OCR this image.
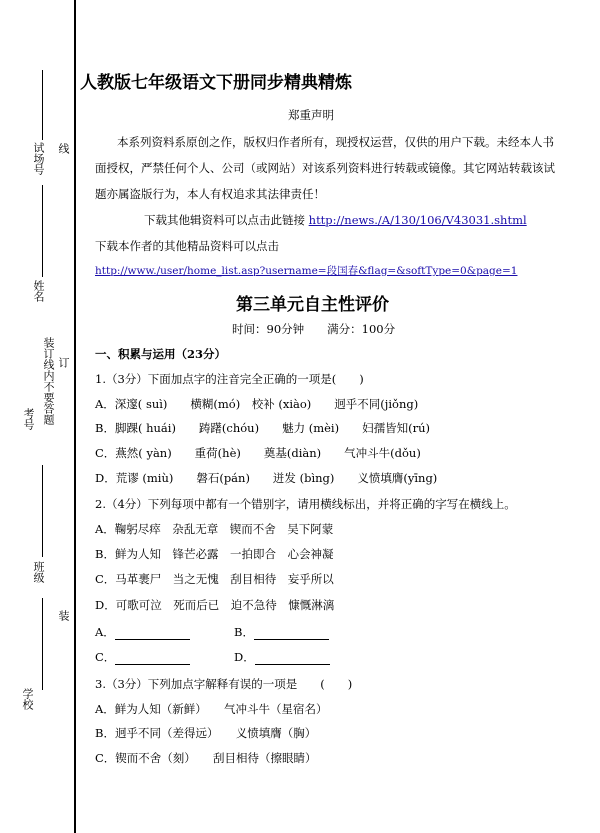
试场号 线
姓名
装订线内不要答题 订
考号
班级
装
学校
人教版七年级语文下册同步精典精炼
郑重声明
本系列资料系原创之作，版权归作者所有，现授权运营，仅供的用户下载。未经本人书
面授权，严禁任何个人、公司（或网站）对该系列资料进行转载或镜像。其它网站转载该试
题亦属盗版行为，本人有权追求其法律责任！
下载其他辑资料可以点击此链接 http://news./A/130/106/V43031.shtml
下载本作者的其他精品资料可以点击
http://www./user/home_list.asp?username=段国春&flag=&softType=0&page=1
第三单元自主性评价
时间：90分钟　　满分：100分
一、积累与运用（23分）
1.（3分）下面加点字的注音完全正确的一项是(　　)
A．深邃( suì)　　横糊(mó)　校补 (xiào)　　迥乎不同(jiǒng)
B．脚踝( huái)　　踌躇(chóu)　　魅力 (mèi)　　妇孺皆知(rú)
C．燕然( yàn)　　重荷(hè)　　奠基(diàn)　　气冲斗牛(dǒu)
D．荒谬 (miù)　　磐石(pán)　　迸发 (bìng)　　义愤填膺(yīng)
2.（4分）下列每项中都有一个错别字，请用横线标出，并将正确的字写在横线上。
A．鞠躬尽瘁　杂乱无章　锲而不舍　吴下阿蒙
B．鲜为人知　锋芒必露　一拍即合　心会神凝
C．马革裹尸　当之无愧　刮目相待　妄乎所以
D．可歌可泣　死而后已　迫不急待　慷慨淋漓
A．	B．
C．	D．
3.（3分）下列加点字解释有误的一项是　　(　　)
A．鲜为人知（新鲜）　　气冲斗牛（星宿名）
B．迥乎不同（差得远）　　义愤填膺（胸）
C．锲而不舍（刻）　　刮目相待（擦眼睛）
